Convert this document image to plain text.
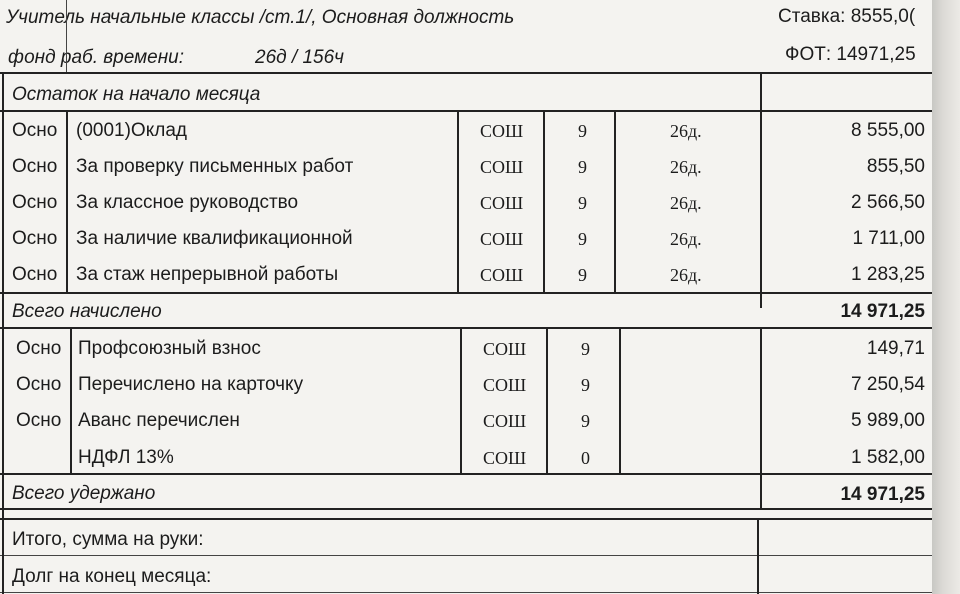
Учитель начальные классы /ст.1/, Основная должность	Ставка: 8555,0(
фонд раб. времени:	26д / 156ч	ФОТ: 14971,25
Остаток на начало месяца
Осно (0001)Оклад	СОШ	9	26д.	8 555,00
Осно За проверку письменных работ	СОШ	9	26д.	855,50
Осно За классное руководство	СОШ	9	26д.	2 566,50
Осно За наличие квалификационной	СОШ	9	26д.	1 711,00
Осно За стаж непрерывной работы	СОШ	9	26д.	1 283,25
Всего начислено	14 971,25
Осно Профсоюзный взнос	СОШ	9	149,71
Осно Перечислено на карточку	СОШ	9	7 250,54
Осно Аванс перечислен	СОШ	9	5 989,00
НДФЛ 13%	СОШ	0	1 582,00
Всего удержано	14 971,25
Итого, сумма на руки:
Долг на конец месяца:
